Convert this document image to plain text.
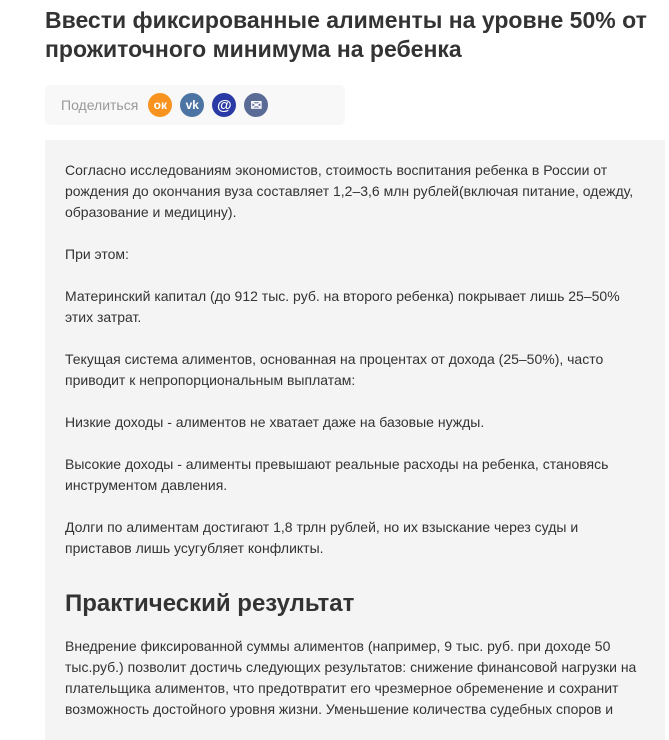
Ввести фиксированные алименты на уровне 50% от прожиточного минимума на ребенка
Поделиться	ок	vk	@	✉

Согласно исследованиям экономистов, стоимость воспитания ребенка в России от рождения до окончания вуза составляет 1,2–3,6 млн рублей(включая питание, одежду, образование и медицину).

При этом:

Материнский капитал (до 912 тыс. руб. на второго ребенка) покрывает лишь 25–50% этих затрат.

Текущая система алиментов, основанная на процентах от дохода (25–50%), часто приводит к непропорциональным выплатам:

Низкие доходы - алиментов не хватает даже на базовые нужды.

Высокие доходы - алименты превышают реальные расходы на ребенка, становясь инструментом давления.

Долги по алиментам достигают 1,8 трлн рублей, но их взыскание через суды и приставов лишь усугубляет конфликты.

Практический результат

Внедрение фиксированной суммы алиментов (например, 9 тыс. руб. при доходе 50 тыс.руб.) позволит достичь следующих результатов: снижение финансовой нагрузки на плательщика алиментов, что предотвратит его чрезмерное обременение и сохранит возможность достойного уровня жизни. Уменьшение количества судебных споров и
